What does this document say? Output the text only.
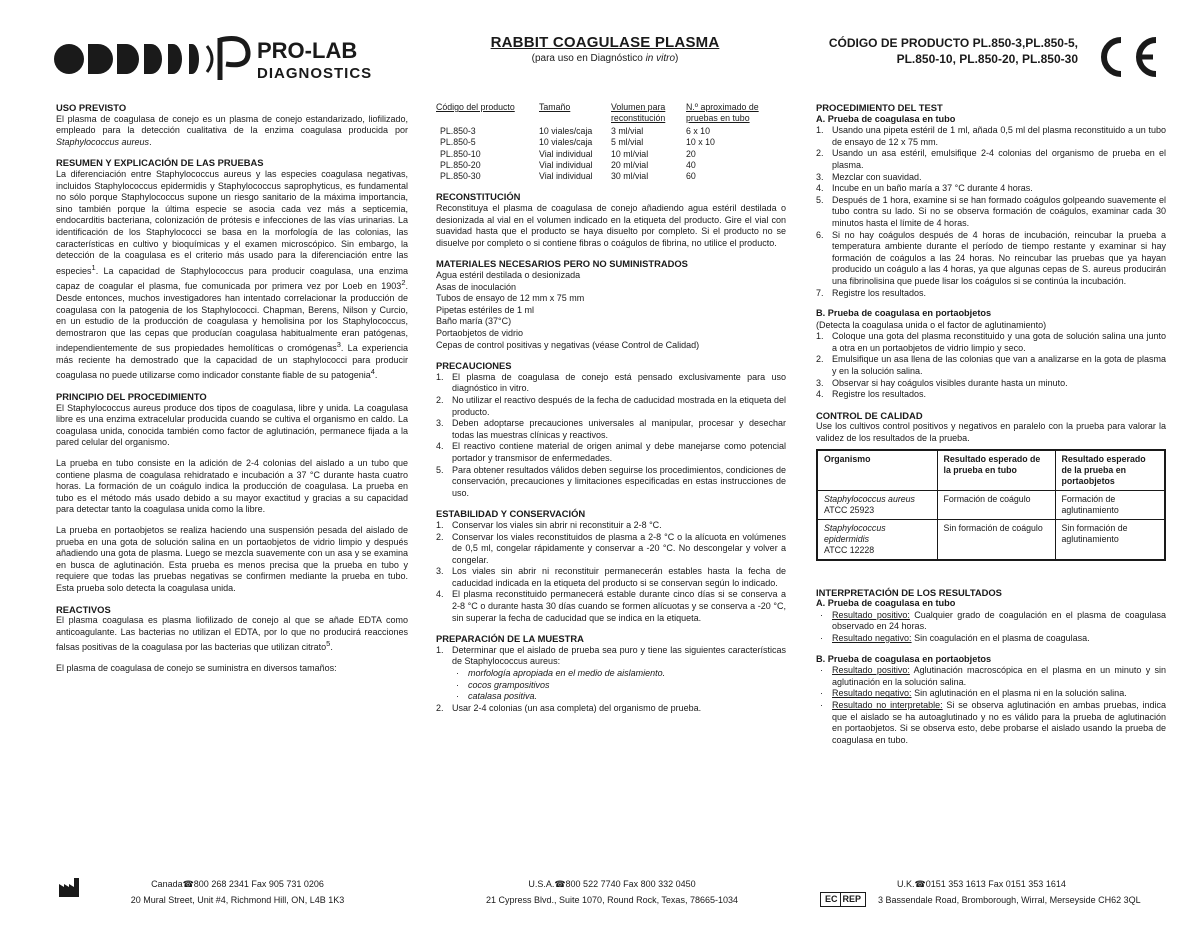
PRO-LAB
DIAGNOSTICS
RABBIT COAGULASE PLASMA
(para uso en Diagnóstico in vitro)
CÓDIGO DE PRODUCTO PL.850-3,PL.850-5,
PL.850-10, PL.850-20, PL.850-30
USO PREVISTO

El plasma de coagulasa de conejo es un plasma de conejo estandarizado, liofilizado, empleado para la detección cualitativa de la enzima coagulasa producida por Staphylococcus aureus.

RESUMEN Y EXPLICACIÓN DE LAS PRUEBAS

La diferenciación entre Staphylococcus aureus y las especies coagulasa negativas, incluidos Staphylococcus epidermidis y Staphylococcus saprophyticus, es fundamental no sólo porque Staphylococcus supone un riesgo sanitario de la máxima importancia, sino también porque la última especie se asocia cada vez más a septicemia, endocarditis bacteriana, colonización de prótesis e infecciones de las vías urinarias. La identificación de los Staphylococci se basa en la morfología de las colonias, las características en cultivo y bioquímicas y el examen microscópico. Sin embargo, la detección de la coagulasa es el criterio más usado para la diferenciación entre las especies$^1$. La capacidad de Staphylococcus para producir coagulasa, una enzima capaz de coagular el plasma, fue comunicada por primera vez por Loeb en 1903$^2$. Desde entonces, muchos investigadores han intentado correlacionar la producción de coagulasa con la patogenia de los Staphylococci. Chapman, Berens, Nilson y Curcio, en un estudio de la producción de coagulasa y hemolisina por los Staphylococcus, demostraron que las cepas que producían coagulasa habitualmente eran patógenas, independientemente de sus propiedades hemolíticas o cromógenas$^3$. La experiencia más reciente ha demostrado que la capacidad de un staphylococci para producir coagulasa no puede utilizarse como indicador constante fiable de su patogenia$^4$.

PRINCIPIO DEL PROCEDIMIENTO

El Staphylococcus aureus produce dos tipos de coagulasa, libre y unida. La coagulasa libre es una enzima extracelular producida cuando se cultiva el organismo en caldo. La coagulasa unida, conocida también como factor de aglutinación, permanece fijada a la pared celular del organismo.

La prueba en tubo consiste en la adición de 2-4 colonias del aislado a un tubo que contiene plasma de coagulasa rehidratado e incubación a 37 °C durante hasta cuatro horas. La formación de un coágulo indica la producción de coagulasa. La prueba en tubo es el método más usado debido a su mayor exactitud y gracias a su capacidad para detectar tanto la coagulasa unida como la libre.

La prueba en portaobjetos se realiza haciendo una suspensión pesada del aislado de prueba en una gota de solución salina en un portaobjetos de vidrio limpio y después añadiendo una gota de plasma. Luego se mezcla suavemente con un asa y se examina en busca de aglutinación. Esta prueba es menos precisa que la prueba en tubo y requiere que todas las pruebas negativas se confirmen mediante la prueba en tubo. Esta prueba solo detecta la coagulasa unida.

REACTIVOS

El plasma coagulasa es plasma liofilizado de conejo al que se añade EDTA como anticoagulante. Las bacterias no utilizan el EDTA, por lo que no producirá reacciones falsas positivas de la coagulasa por las bacterias que utilizan citrato$^5$.

El plasma de coagulasa de conejo se suministra en diversos tamaños:

Código del producto	Tamaño	Volumen para reconstitución	N.º aproximado de pruebas en tubo
PL.850-3	10 viales/caja	3 ml/vial	6 x 10
PL.850-5	10 viales/caja	5 ml/vial	10 x 10
PL.850-10	Vial individual	10 ml/vial	20
PL.850-20	Vial individual	20 ml/vial	40
PL.850-30	Vial individual	30 ml/vial	60
RECONSTITUCIÓN

Reconstituya el plasma de coagulasa de conejo añadiendo agua estéril destilada o desionizada al vial en el volumen indicado en la etiqueta del producto. Gire el vial con suavidad hasta que el producto se haya disuelto por completo. Si el producto no se disuelve por completo o si contiene fibras o coágulos de fibrina, no utilice el producto.

MATERIALES NECESARIOS PERO NO SUMINISTRADOS
Agua estéril destilada o desionizada
Asas de inoculación
Tubos de ensayo de 12 mm x 75 mm
Pipetas estériles de 1 ml
Baño maría (37°C)
Portaobjetos de vidrio
Cepas de control positivas y negativas (véase Control de Calidad)
PRECAUCIONES
1. El plasma de coagulasa de conejo está pensado exclusivamente para uso diagnóstico in vitro.
2. No utilizar el reactivo después de la fecha de caducidad mostrada en la etiqueta del producto.
3. Deben adoptarse precauciones universales al manipular, procesar y desechar todas las muestras clínicas y reactivos.
4. El reactivo contiene material de origen animal y debe manejarse como potencial portador y transmisor de enfermedades.
5. Para obtener resultados válidos deben seguirse los procedimientos, condiciones de conservación, precauciones y limitaciones especificadas en estas instrucciones de uso.
ESTABILIDAD Y CONSERVACIÓN
1. Conservar los viales sin abrir ni reconstituir a 2-8 °C.
2. Conservar los viales reconstituidos de plasma a 2-8 °C o la alícuota en volúmenes de 0,5 ml, congelar rápidamente y conservar a -20 °C. No descongelar y volver a congelar.
3. Los viales sin abrir ni reconstituir permanecerán estables hasta la fecha de caducidad indicada en la etiqueta del producto si se conservan según lo indicado.
4. El plasma reconstituido permanecerá estable durante cinco días si se conserva a 2-8 °C o durante hasta 30 días cuando se formen alícuotas y se conserva a -20 °C, sin superar la fecha de caducidad que se indica en la etiqueta.
PREPARACIÓN DE LA MUESTRA
1. Determinar que el aislado de prueba sea puro y tiene las siguientes características de Staphylococcus aureus:
· morfología apropiada en el medio de aislamiento.
· cocos grampositivos
· catalasa positiva.
2. Usar 2-4 colonias (un asa completa) del organismo de prueba.
PROCEDIMIENTO DEL TEST
A. Prueba de coagulasa en tubo
1. Usando una pipeta estéril de 1 ml, añada 0,5 ml del plasma reconstituido a un tubo de ensayo de 12 x 75 mm.
2. Usando un asa estéril, emulsifique 2-4 colonias del organismo de prueba en el plasma.
3. Mezclar con suavidad.
4. Incube en un baño maría a 37 °C durante 4 horas.
5. Después de 1 hora, examine si se han formado coágulos golpeando suavemente el tubo contra su lado. Si no se observa formación de coágulos, examinar cada 30 minutos hasta el límite de 4 horas.
6. Si no hay coágulos después de 4 horas de incubación, reincubar la prueba a temperatura ambiente durante el período de tiempo restante y examinar si hay formación de coágulos a las 24 horas. No reincubar las pruebas que ya hayan producido un coágulo a las 4 horas, ya que algunas cepas de S. aureus producirán una fibrinolisina que puede lisar los coágulos si se continúa la incubación.
7. Registre los resultados.
B. Prueba de coagulasa en portaobjetos
(Detecta la coagulasa unida o el factor de aglutinamiento)
1. Coloque una gota del plasma reconstituido y una gota de solución salina una junto a otra en un portaobjetos de vidrio limpio y seco.
2. Emulsifique un asa llena de las colonias que van a analizarse en la gota de plasma y en la solución salina.
3. Observar si hay coágulos visibles durante hasta un minuto.
4. Registre los resultados.
CONTROL DE CALIDAD

Use los cultivos control positivos y negativos en paralelo con la prueba para valorar la validez de los resultados de la prueba.

Organismo	Resultado esperado de la prueba en tubo	Resultado esperado de la prueba en portaobjetos
Staphylococcus aureus
ATCC 25923	Formación de coágulo	Formación de aglutinamiento
Staphylococcus epidermidis
ATCC 12228	Sin formación de coágulo	Sin formación de aglutinamiento
INTERPRETACIÓN DE LOS RESULTADOS
A. Prueba de coagulasa en tubo
· Resultado positivo: Cualquier grado de coagulación en el plasma de coagulasa observado en 24 horas.
· Resultado negativo: Sin coagulación en el plasma de coagulasa.
B. Prueba de coagulasa en portaobjetos
· Resultado positivo: Aglutinación macroscópica en el plasma en un minuto y sin aglutinación en la solución salina.
· Resultado negativo: Sin aglutinación en el plasma ni en la solución salina.
· Resultado no interpretable: Si se observa aglutinación en ambas pruebas, indica que el aislado se ha autoaglutinado y no es válido para la prueba de aglutinación en portaobjetos. Si se observa esto, debe probarse el aislado usando la prueba de coagulasa en tubo.
Canada☎800 268 2341 Fax 905 731 0206
20 Mural Street, Unit #4, Richmond Hill, ON, L4B 1K3
U.S.A.☎800 522 7740 Fax 800 332 0450
21 Cypress Blvd., Suite 1070, Round Rock, Texas, 78665-1034
U.K.☎0151 353 1613 Fax 0151 353 1614
EC REP 3 Bassendale Road, Bromborough, Wirral, Merseyside CH62 3QL
